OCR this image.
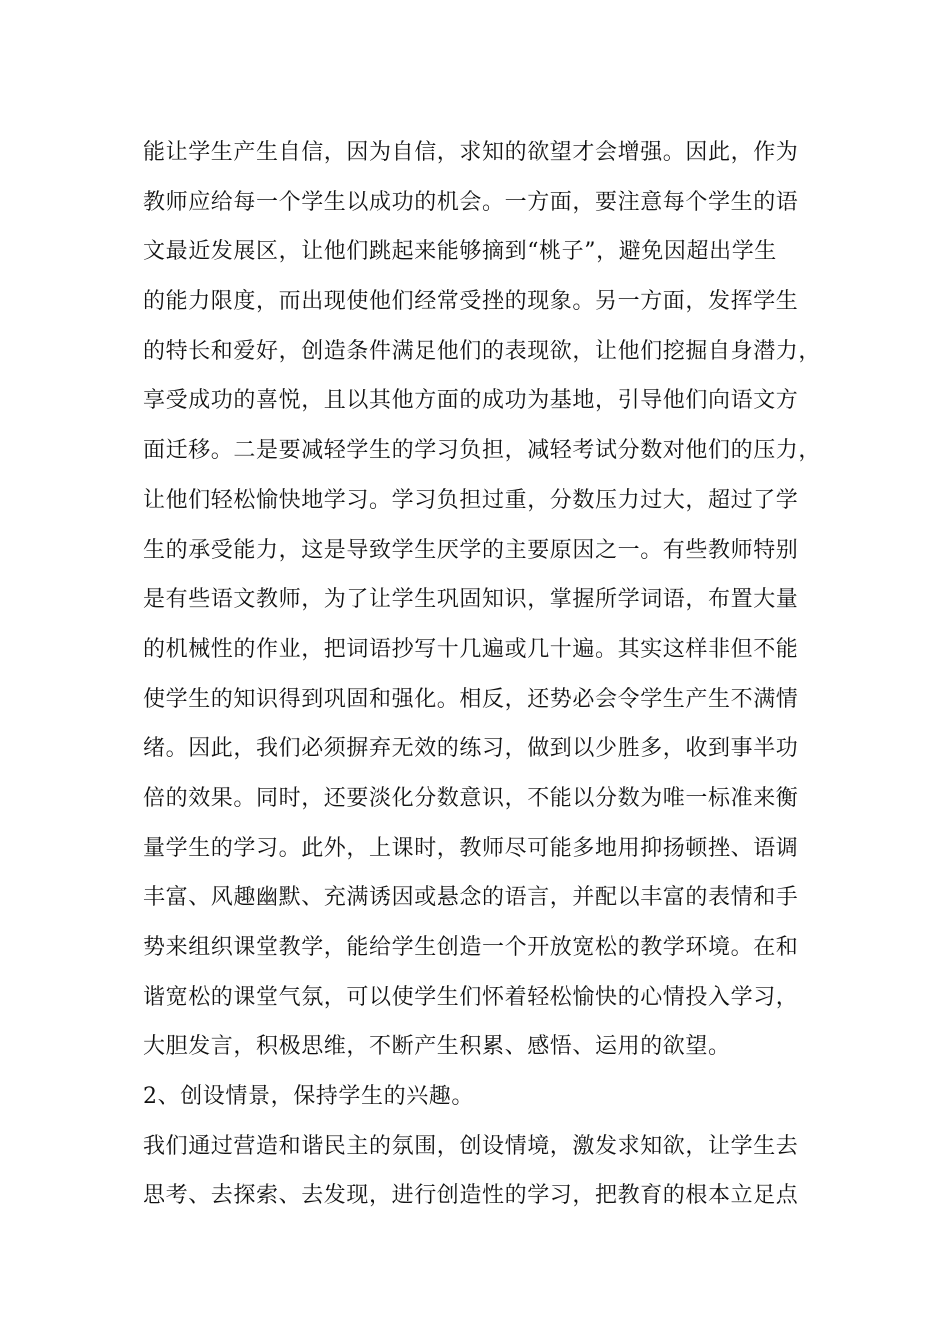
能让学生产生自信，因为自信，求知的欲望才会增强。因此，作为
教师应给每一个学生以成功的机会。一方面，要注意每个学生的语
文最近发展区，让他们跳起来能够摘到“桃子”，避免因超出学生
的能力限度，而出现使他们经常受挫的现象。另一方面，发挥学生
的特长和爱好，创造条件满足他们的表现欲，让他们挖掘自身潜力，
享受成功的喜悦，且以其他方面的成功为基地，引导他们向语文方
面迁移。二是要减轻学生的学习负担，减轻考试分数对他们的压力，
让他们轻松愉快地学习。学习负担过重，分数压力过大，超过了学
生的承受能力，这是导致学生厌学的主要原因之一。有些教师特别
是有些语文教师，为了让学生巩固知识，掌握所学词语，布置大量
的机械性的作业，把词语抄写十几遍或几十遍。其实这样非但不能
使学生的知识得到巩固和强化。相反，还势必会令学生产生不满情
绪。因此，我们必须摒弃无效的练习，做到以少胜多，收到事半功
倍的效果。同时，还要淡化分数意识，不能以分数为唯一标准来衡
量学生的学习。此外，上课时，教师尽可能多地用抑扬顿挫、语调
丰富、风趣幽默、充满诱因或悬念的语言，并配以丰富的表情和手
势来组织课堂教学，能给学生创造一个开放宽松的教学环境。在和
谐宽松的课堂气氛，可以使学生们怀着轻松愉快的心情投入学习，
大胆发言，积极思维，不断产生积累、感悟、运用的欲望。
2、创设情景，保持学生的兴趣。
我们通过营造和谐民主的氛围，创设情境，激发求知欲，让学生去
思考、去探索、去发现，进行创造性的学习，把教育的根本立足点
